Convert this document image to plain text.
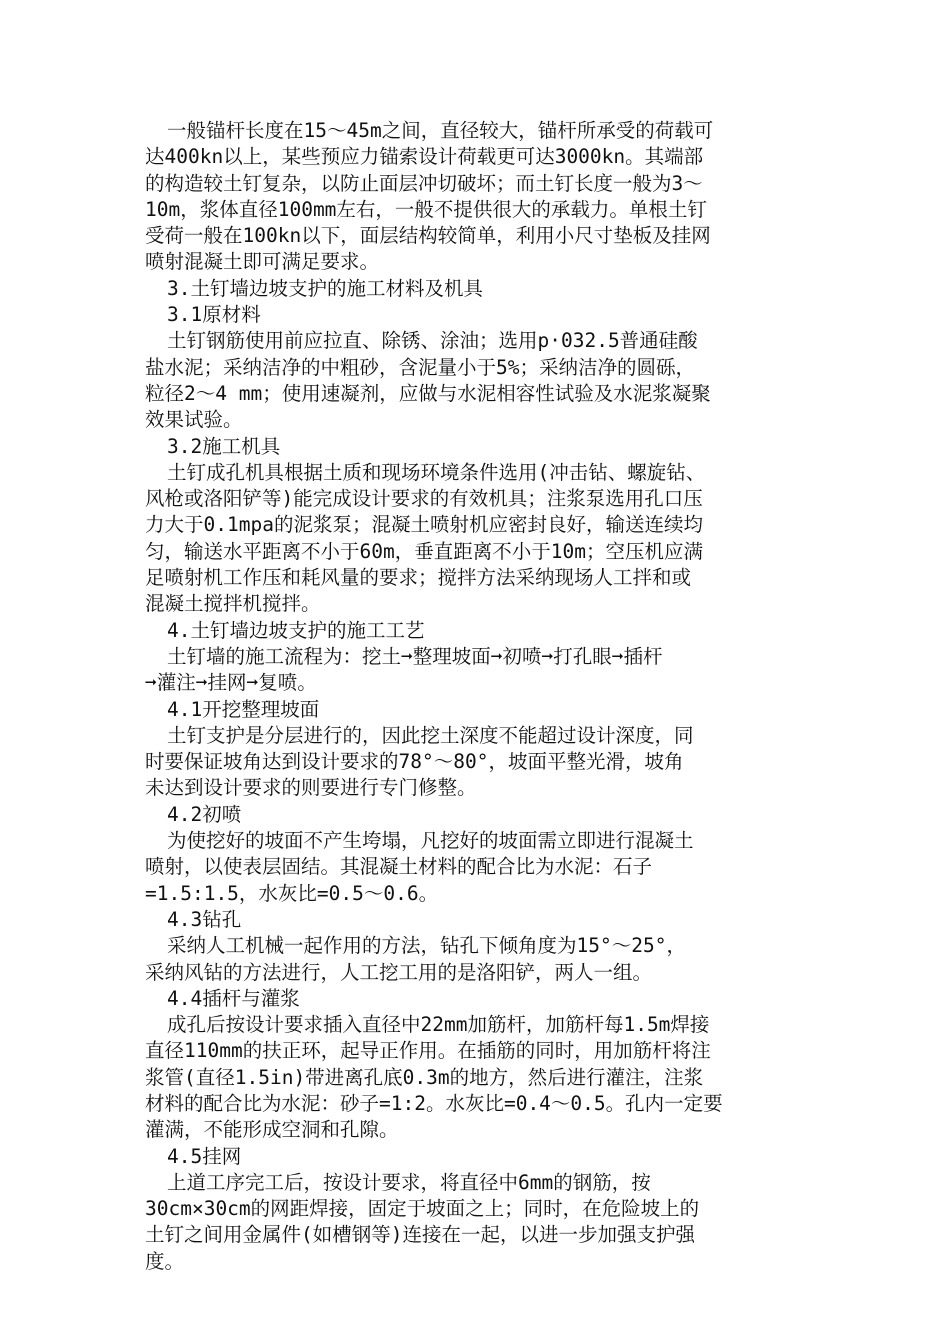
一般锚杆长度在15～45m之间，直径较大，锚杆所承受的荷载可
达400kn以上，某些预应力锚索设计荷载更可达3000kn。其端部
的构造较土钉复杂，以防止面层冲切破坏；而土钉长度一般为3～
10m，浆体直径100mm左右，一般不提供很大的承载力。单根土钉
受荷一般在100kn以下，面层结构较简单，利用小尺寸垫板及挂网
喷射混凝土即可满足要求。

3.土钉墙边坡支护的施工材料及机具

3.1原材料

土钉钢筋使用前应拉直、除锈、涂油；选用p·032.5普通硅酸
盐水泥；采纳洁净的中粗砂，含泥量小于5%；采纳洁净的圆砾，
粒径2～4 mm；使用速凝剂，应做与水泥相容性试验及水泥浆凝聚
效果试验。

3.2施工机具

土钉成孔机具根据土质和现场环境条件选用(冲击钻、螺旋钻、
风枪或洛阳铲等)能完成设计要求的有效机具；注浆泵选用孔口压
力大于0.1mpa的泥浆泵；混凝土喷射机应密封良好，输送连续均
匀，输送水平距离不小于60m，垂直距离不小于10m；空压机应满
足喷射机工作压和耗风量的要求；搅拌方法采纳现场人工拌和或
混凝土搅拌机搅拌。

4.土钉墙边坡支护的施工工艺

土钉墙的施工流程为：挖土➞整理坡面➞初喷➞打孔眼➞插杆
➞灌注➞挂网➞复喷。

4.1开挖整理坡面

土钉支护是分层进行的，因此挖土深度不能超过设计深度，同
时要保证坡角达到设计要求的78°～80°，坡面平整光滑，坡角
未达到设计要求的则要进行专门修整。

4.2初喷

为使挖好的坡面不产生垮塌，凡挖好的坡面需立即进行混凝土
喷射，以使表层固结。其混凝土材料的配合比为水泥：石子
=1.5:1.5，水灰比=0.5～0.6。

4.3钻孔

采纳人工机械一起作用的方法，钻孔下倾角度为15°～25°，
采纳风钻的方法进行，人工挖工用的是洛阳铲，两人一组。

4.4插杆与灌浆

成孔后按设计要求插入直径中22mm加筋杆，加筋杆每1.5m焊接
直径110mm的扶正环，起导正作用。在插筋的同时，用加筋杆将注
浆管(直径1.5in)带进离孔底0.3m的地方，然后进行灌注，注浆
材料的配合比为水泥：砂子=1:2。水灰比=0.4～0.5。孔内一定要
灌满，不能形成空洞和孔隙。

4.5挂网

上道工序完工后，按设计要求，将直径中6mm的钢筋，按
30cm×30cm的网距焊接，固定于坡面之上；同时，在危险坡上的
土钉之间用金属件(如槽钢等)连接在一起，以进一步加强支护强
度。
